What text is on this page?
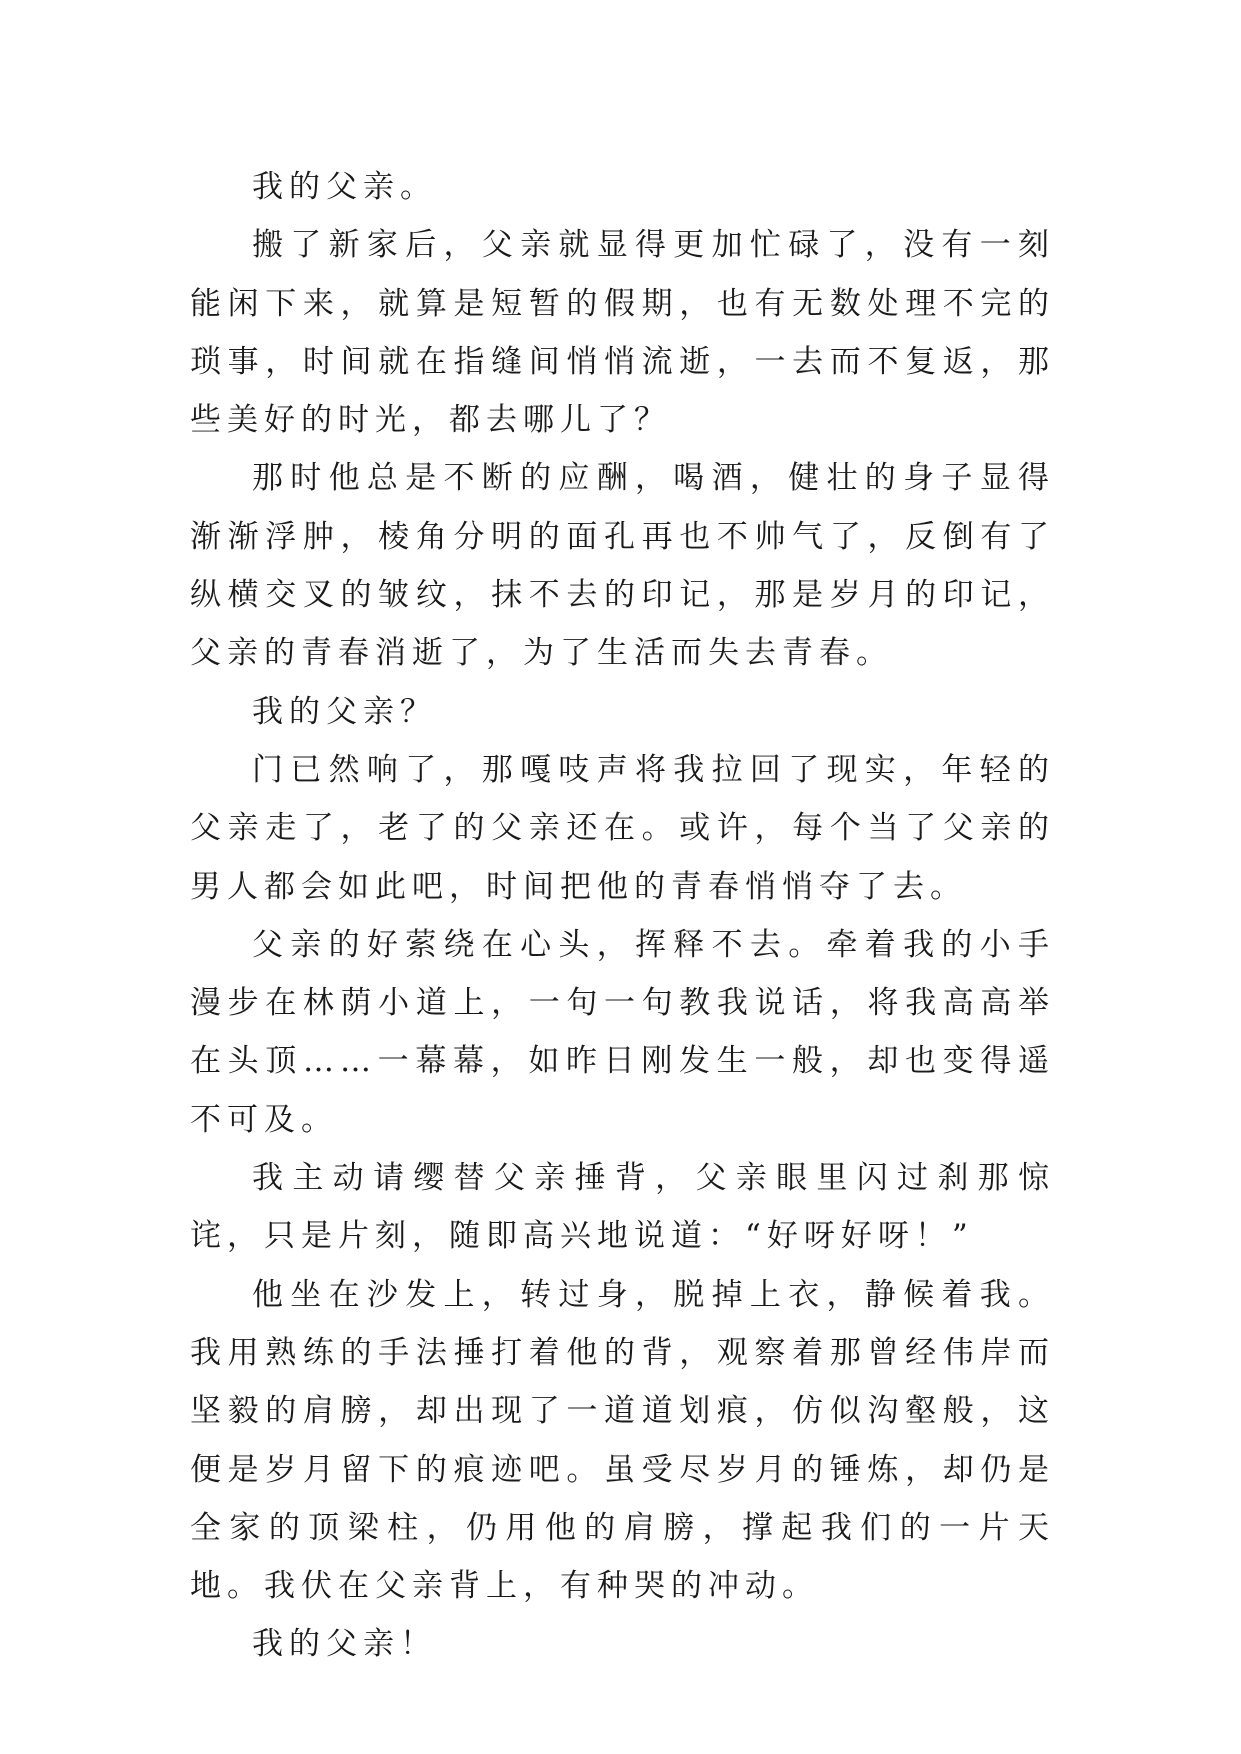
我的父亲。

搬了新家后，父亲就显得更加忙碌了，没有一刻能闲下来，就算是短暂的假期，也有无数处理不完的琐事，时间就在指缝间悄悄流逝，一去而不复返，那些美好的时光，都去哪儿了？

那时他总是不断的应酬，喝酒，健壮的身子显得渐渐浮肿，棱角分明的面孔再也不帅气了，反倒有了纵横交叉的皱纹，抹不去的印记，那是岁月的印记，父亲的青春消逝了，为了生活而失去青春。

我的父亲？

门已然响了，那嘎吱声将我拉回了现实，年轻的父亲走了，老了的父亲还在。或许，每个当了父亲的男人都会如此吧，时间把他的青春悄悄夺了去。

父亲的好萦绕在心头，挥释不去。牵着我的小手漫步在林荫小道上，一句一句教我说话，将我高高举在头顶……一幕幕，如昨日刚发生一般，却也变得遥不可及。

我主动请缨替父亲捶背，父亲眼里闪过刹那惊诧，只是片刻，随即高兴地说道：“好呀好呀！”

他坐在沙发上，转过身，脱掉上衣，静候着我。我用熟练的手法捶打着他的背，观察着那曾经伟岸而坚毅的肩膀，却出现了一道道划痕，仿似沟壑般，这便是岁月留下的痕迹吧。虽受尽岁月的锤炼，却仍是全家的顶梁柱，仍用他的肩膀，撑起我们的一片天地。我伏在父亲背上，有种哭的冲动。

我的父亲！
